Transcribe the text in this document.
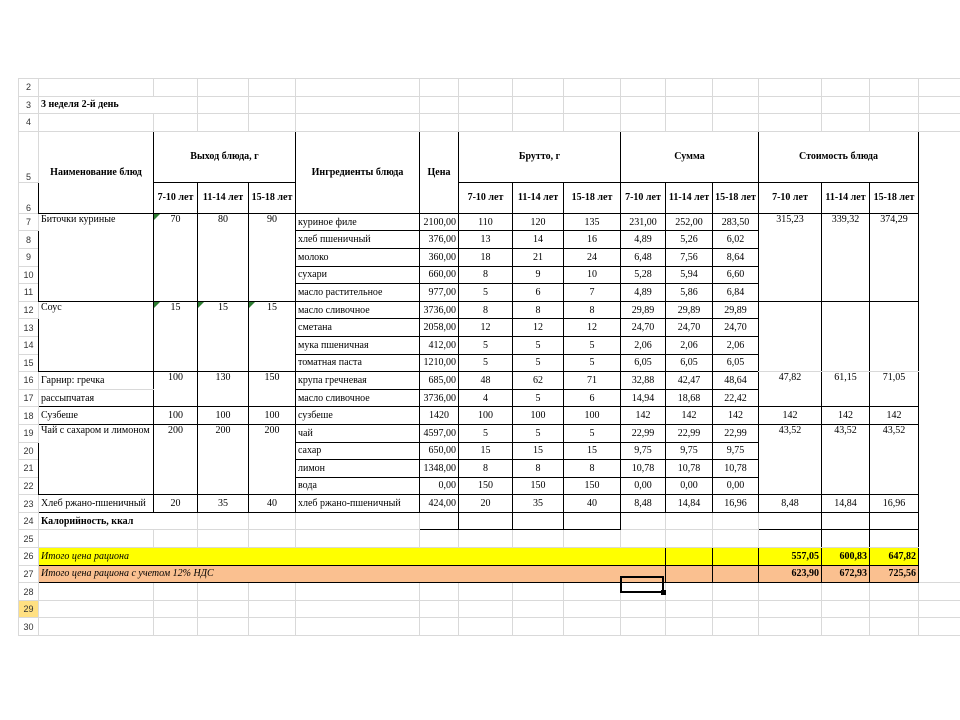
2																
3	3 неделя 2-й день															
4																
5	Наименование блюд	Выход блюда, г			Ингредиенты блюда	Цена	Брутто, г			Сумма			Стоимость блюда			
6		7-10 лет	11-14 лет	15-18 лет			7-10 лет	11-14 лет	15-18 лет	7-10 лет	11-14 лет	15-18 лет	7-10 лет	11-14 лет	15-18 лет	
7	Биточки куриные	70	80	90	куриное филе	2100,00	110	120	135	231,00	252,00	283,50	315,23	339,32	374,29	
8					хлеб пшеничный	376,00	13	14	16	4,89	5,26	6,02				
9					молоко	360,00	18	21	24	6,48	7,56	8,64				
10					сухари	660,00	8	9	10	5,28	5,94	6,60				
11					масло растительное	977,00	5	6	7	4,89	5,86	6,84				
12	Соус	15	15	15	масло сливочное	3736,00	8	8	8	29,89	29,89	29,89				
13					сметана	2058,00	12	12	12	24,70	24,70	24,70				
14					мука пшеничная	412,00	5	5	5	2,06	2,06	2,06				
15					томатная паста	1210,00	5	5	5	6,05	6,05	6,05				
16	Гарнир: гречка	100	130	150	крупа гречневая	685,00	48	62	71	32,88	42,47	48,64	47,82	61,15	71,05	
17	рассыпчатая				масло сливочное	3736,00	4	5	6	14,94	18,68	22,42				
18	Сузбеше	100	100	100	сузбеше	1420	100	100	100	142	142	142	142	142	142	
19	Чай с сахаром и лимоном	200	200	200	чай	4597,00	5	5	5	22,99	22,99	22,99	43,52	43,52	43,52	
20					сахар	650,00	15	15	15	9,75	9,75	9,75				
21					лимон	1348,00	8	8	8	10,78	10,78	10,78				
22					вода	0,00	150	150	150	0,00	0,00	0,00				
23	Хлеб ржано-пшеничный	20	35	40	хлеб ржано-пшеничный	424,00	20	35	40	8,48	14,84	16,96	8,48	14,84	16,96	
24	Калорийность, ккал															
25																
26	Итого цена рациона												557,05	600,83	647,82	
27	Итого цена рациона с учетом 12% НДС												623,90	672,93	725,56	
28																
29																
30																
